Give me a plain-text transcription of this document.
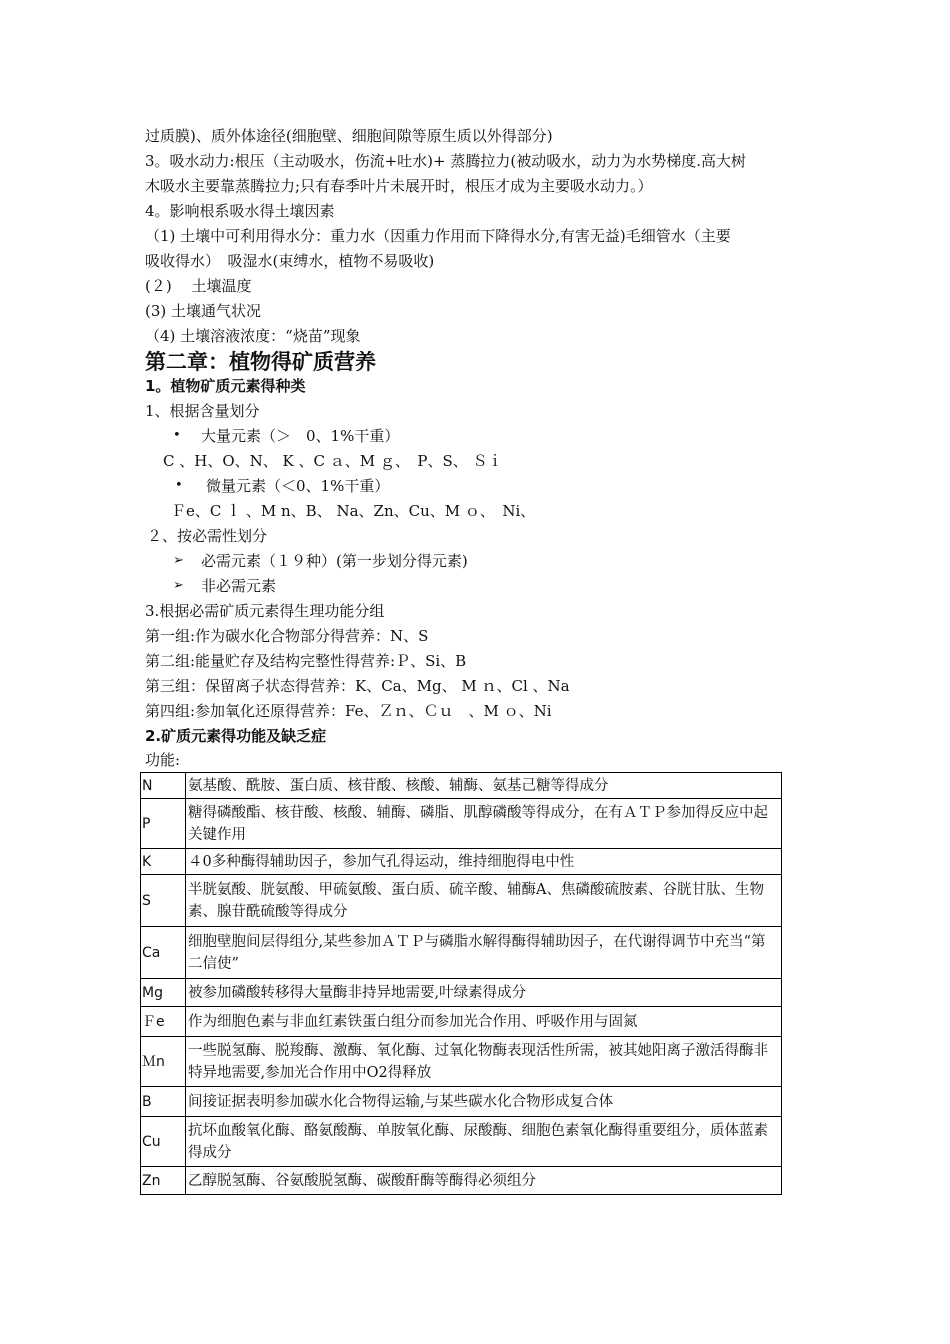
过质膜)、质外体途径(细胞壁、细胞间隙等原生质以外得部分)
3。吸水动力:根压（主动吸水，伤流+吐水)+ 蒸腾拉力(被动吸水，动力为水势梯度.高大树
木吸水主要靠蒸腾拉力;只有春季叶片未展开时，根压才成为主要吸水动力。）
4。影响根系吸水得土壤因素
（1) 土壤中可利用得水分：重力水（因重力作用而下降得水分,有害无益)毛细管水（主要
吸收得水）　吸湿水(束缚水，植物不易吸收)
(２)　 土壤温度
(3) 土壤通气状况
（4) 土壤溶液浓度：“烧苗”现象
第二章：植物得矿质营养
1。植物矿质元素得种类
1、根据含量划分
• 大量元素（＞　0、1%干重）
C 、H、O、N、 K 、C ａ、M ｇ、　P、S、 Ｓｉ
• 微量元素（＜0、1%干重）
Ｆe、C ｌ 、M n、B、 Na、Zn、Cu、M ｏ、　Ni、
２、按必需性划分
➢ 必需元素（１９种）(第一步划分得元素)
➢ 非必需元素
3.根据必需矿质元素得生理功能分组
第一组:作为碳水化合物部分得营养：N、S
第二组:能量贮存及结构完整性得营养:Ｐ、Si、B
第三组：保留离子状态得营养：K、Ca、Mg、 M ｎ、Cl 、Na
第四组:参加氧化还原得营养：Fe、Ｚｎ、Ｃｕ　、M ｏ、Ni
2.矿质元素得功能及缺乏症
功能:
N	氨基酸、酰胺、蛋白质、核苷酸、核酸、辅酶、氨基己糖等得成分
P	糖得磷酸酯、核苷酸、核酸、辅酶、磷脂、肌醇磷酸等得成分，在有ＡＴＰ参加得反应中起关键作用
K	４0多种酶得辅助因子，参加气孔得运动，维持细胞得电中性
S	半胱氨酸、胱氨酸、甲硫氨酸、蛋白质、硫辛酸、辅酶A、焦磷酸硫胺素、谷胱甘肽、生物素、腺苷酰硫酸等得成分
Ca	细胞壁胞间层得组分,某些参加ＡＴＰ与磷脂水解得酶得辅助因子，在代谢得调节中充当“第二信使”
Mg	被参加磷酸转移得大量酶非持异地需要,叶绿素得成分
Ｆe	作为细胞色素与非血红素铁蛋白组分而参加光合作用、呼吸作用与固氮
Ｍn	一些脱氢酶、脱羧酶、激酶、氧化酶、过氧化物酶表现活性所需，被其她阳离子激活得酶非特异地需要,参加光合作用中O2得释放
B	间接证据表明参加碳水化合物得运输,与某些碳水化合物形成复合体
Cu	抗坏血酸氧化酶、酪氨酸酶、单胺氧化酶、尿酸酶、细胞色素氧化酶得重要组分，质体蓝素得成分
Zn	乙醇脱氢酶、谷氨酸脱氢酶、碳酸酐酶等酶得必须组分
